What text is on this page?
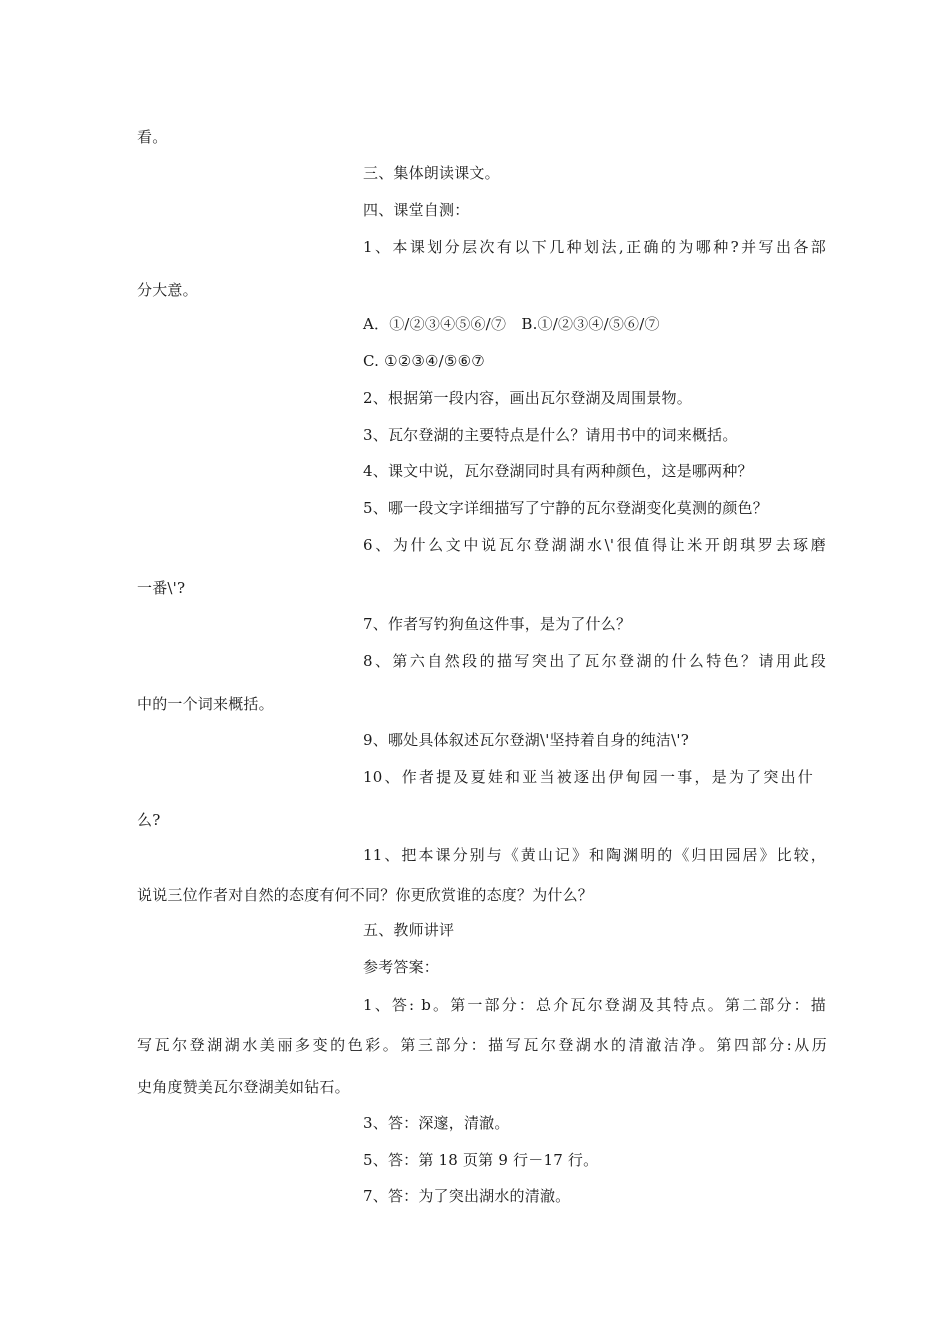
看。
三、集体朗读课文。
四、课堂自测：
1、本课划分层次有以下几种划法,正确的为哪种?并写出各部
分大意。
A．①/②③④⑤⑥/⑦　B.①/②③④/⑤⑥/⑦
C. ①②③④/⑤⑥⑦
2、根据第一段内容，画出瓦尔登湖及周围景物。
3、瓦尔登湖的主要特点是什么？请用书中的词来概括。
4、课文中说，瓦尔登湖同时具有两种颜色，这是哪两种？
5、哪一段文字详细描写了宁静的瓦尔登湖变化莫测的颜色？
6、为什么文中说瓦尔登湖湖水\'很值得让米开朗琪罗去琢磨
一番\'?
7、作者写钓狗鱼这件事，是为了什么？
8、第六自然段的描写突出了瓦尔登湖的什么特色？请用此段
中的一个词来概括。
9、哪处具体叙述瓦尔登湖\'坚持着自身的纯洁\'?
10、作者提及夏娃和亚当被逐出伊甸园一事，是为了突出什
么?
11、把本课分别与《黄山记》和陶渊明的《归田园居》比较，
说说三位作者对自然的态度有何不同？你更欣赏谁的态度？为什么？
五、教师讲评
参考答案：
1、答: b。第一部分：总介瓦尔登湖及其特点。第二部分：描
写瓦尔登湖湖水美丽多变的色彩。第三部分：描写瓦尔登湖水的清澈洁净。第四部分:从历
史角度赞美瓦尔登湖美如钻石。
3、答：深邃，清澈。
5、答：第 18 页第 9 行－17 行。
7、答：为了突出湖水的清澈。
